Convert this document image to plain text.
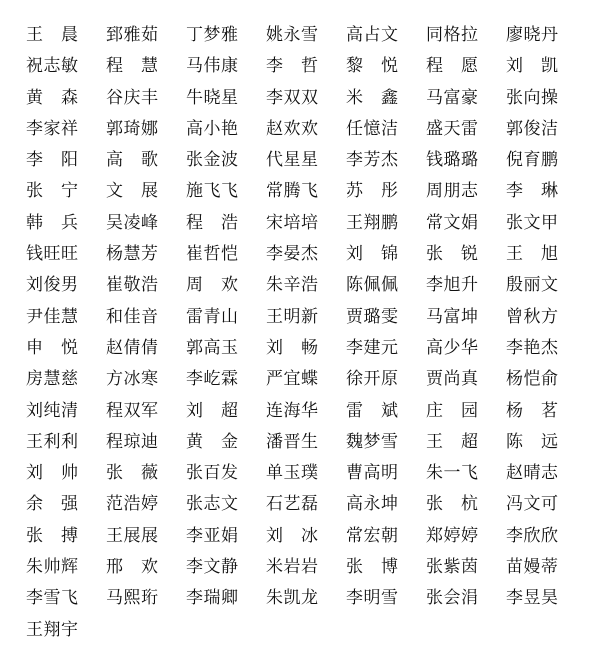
王　晨	郅雅茹	丁梦雅	姚永雪	高占文	同格拉	廖晓丹
祝志敏	程　慧	马伟康	李　哲	黎　悦	程　愿	刘　凯
黄　森	谷庆丰	牛晓星	李双双	米　鑫	马富豪	张向操
李家祥	郭琦娜	高小艳	赵欢欢	任憶洁	盛天雷	郭俊洁
李　阳	高　歌	张金波	代星星	李芳杰	钱璐璐	倪育鹏
张　宁	文　展	施飞飞	常腾飞	苏　彤	周朋志	李　琳
韩　兵	吴凌峰	程　浩	宋培培	王翔鹏	常文娟	张文甲
钱旺旺	杨慧芳	崔哲恺	李晏杰	刘　锦	张　锐	王　旭
刘俊男	崔敬浩	周　欢	朱辛浩	陈佩佩	李旭升	殷丽文
尹佳慧	和佳音	雷青山	王明新	贾璐雯	马富坤	曾秋方
申　悦	赵倩倩	郭高玉	刘　畅	李建元	高少华	李艳杰
房慧慈	方冰寒	李屹霖	严宜蝶	徐开原	贾尚真	杨恺俞
刘纯清	程双军	刘　超	连海华	雷　斌	庄　园	杨　茗
王利利	程琼迪	黄　金	潘晋生	魏梦雪	王　超	陈　远
刘　帅	张　薇	张百发	单玉璞	曹高明	朱一飞	赵晴志
余　强	范浩婷	张志文	石艺磊	高永坤	张　杭	冯文可
张　搏	王展展	李亚娟	刘　冰	常宏朝	郑婷婷	李欣欣
朱帅辉	邢　欢	李文静	米岩岩	张　博	张紫茵	苗嫚蒂
李雪飞	马熙珩	李瑞卿	朱凯龙	李明雪	张会涓	李昱昊
王翔宇
